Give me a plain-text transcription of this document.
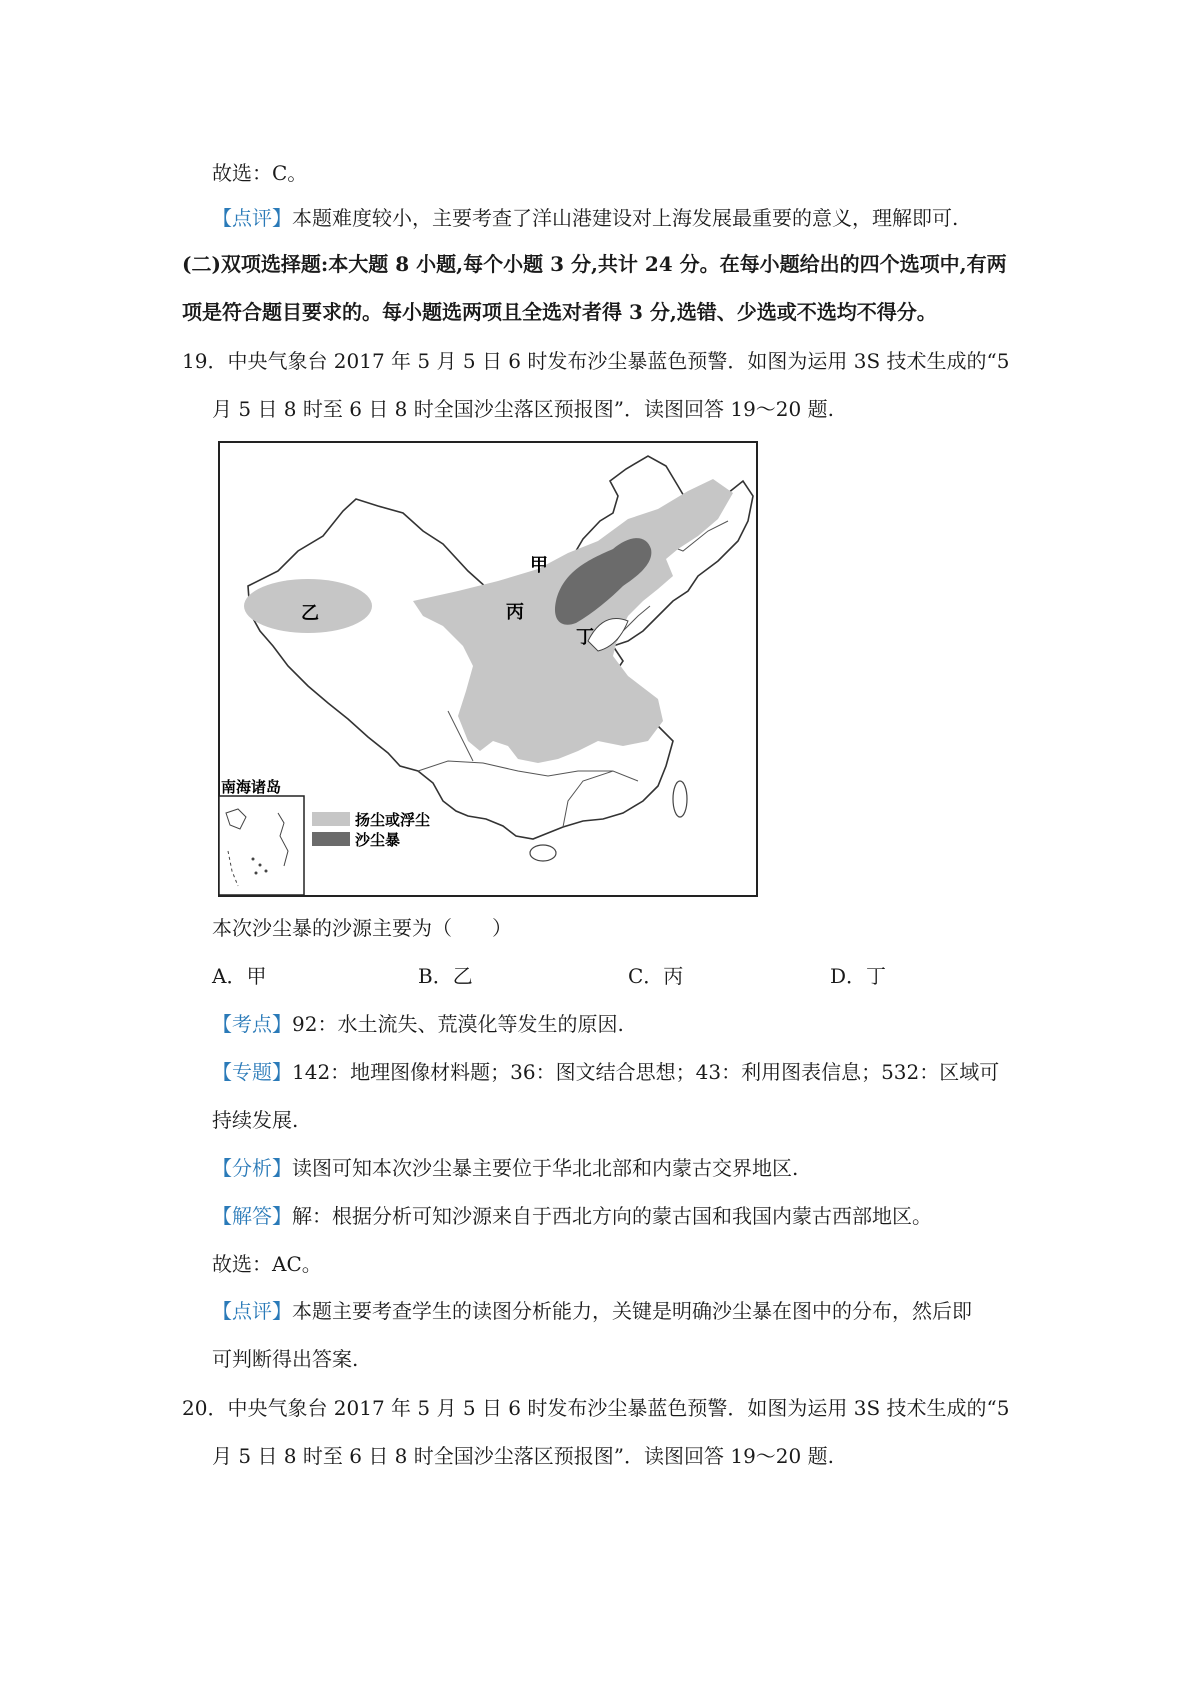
故选：C。
【点评】本题难度较小，主要考查了洋山港建设对上海发展最重要的意义，理解即可.
(二)双项选择题:本大题 8 小题,每个小题 3 分,共计 24 分。在每小题给出的四个选项中,有两
项是符合题目要求的。每小题选两项且全选对者得 3 分,选错、少选或不选均不得分。
19．中央气象台 2017 年 5 月 5 日 6 时发布沙尘暴蓝色预警．如图为运用 3S 技术生成的“5
月 5 日 8 时至 6 日 8 时全国沙尘落区预报图”．读图回答 19～20 题.
甲
乙	丙
丁
南海诸岛
扬尘或浮尘
沙尘暴
本次沙尘暴的沙源主要为（　　）
A．甲	B．乙	C．丙	D．丁
【考点】92：水土流失、荒漠化等发生的原因.
【专题】142：地理图像材料题；36：图文结合思想；43：利用图表信息；532：区域可
持续发展.
【分析】读图可知本次沙尘暴主要位于华北北部和内蒙古交界地区.
【解答】解：根据分析可知沙源来自于西北方向的蒙古国和我国内蒙古西部地区。
故选：AC。
【点评】本题主要考查学生的读图分析能力，关键是明确沙尘暴在图中的分布，然后即
可判断得出答案.
20．中央气象台 2017 年 5 月 5 日 6 时发布沙尘暴蓝色预警．如图为运用 3S 技术生成的“5
月 5 日 8 时至 6 日 8 时全国沙尘落区预报图”．读图回答 19～20 题.
